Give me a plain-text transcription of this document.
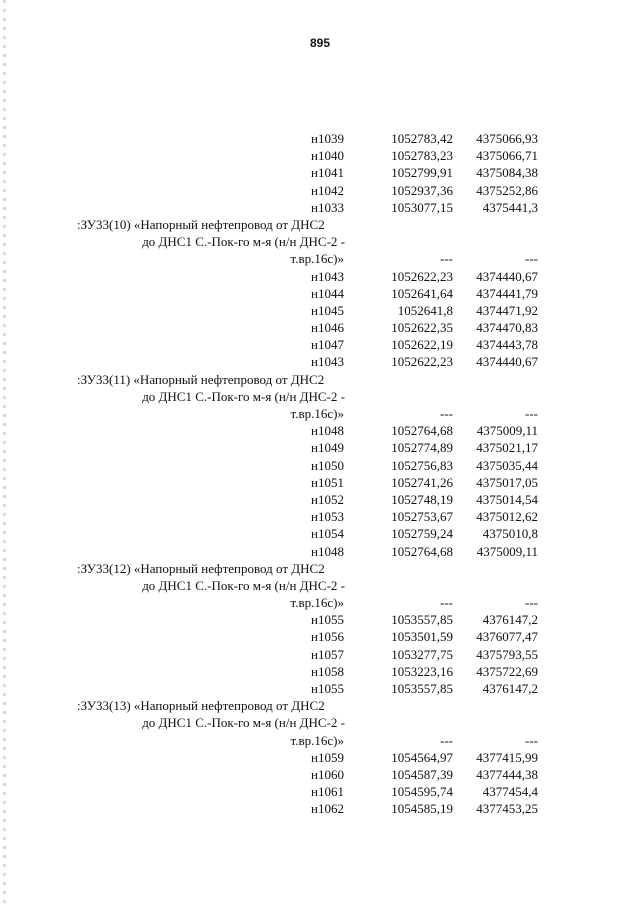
895
н1039	1052783,42 4375066,93
н1040	1052783,23 4375066,71
н1041	1052799,91 4375084,38
н1042	1052937,36 4375252,86
н1033	1053077,15 4375441,3
:ЗУ33(10) «Напорный нефтепровод от ДНС2
до ДНС1 С.-Пок-го м-я (н/н ДНС-2 -
т.вр.16с)»	---	---
н1043	1052622,23 4374440,67
н1044	1052641,64 4374441,79
н1045	1052641,8 4374471,92
н1046	1052622,35 4374470,83
н1047	1052622,19 4374443,78
н1043	1052622,23 4374440,67
:ЗУ33(11) «Напорный нефтепровод от ДНС2
до ДНС1 С.-Пок-го м-я (н/н ДНС-2 -
т.вр.16с)»	---	---
н1048	1052764,68 4375009,11
н1049	1052774,89 4375021,17
н1050	1052756,83 4375035,44
н1051	1052741,26 4375017,05
н1052	1052748,19 4375014,54
н1053	1052753,67 4375012,62
н1054	1052759,24 4375010,8
н1048	1052764,68 4375009,11
:ЗУ33(12) «Напорный нефтепровод от ДНС2
до ДНС1 С.-Пок-го м-я (н/н ДНС-2 -
т.вр.16с)»	---	---
н1055	1053557,85 4376147,2
н1056	1053501,59 4376077,47
н1057	1053277,75 4375793,55
н1058	1053223,16 4375722,69
н1055	1053557,85 4376147,2
:ЗУ33(13) «Напорный нефтепровод от ДНС2
до ДНС1 С.-Пок-го м-я (н/н ДНС-2 -
т.вр.16с)»	---	---
н1059	1054564,97 4377415,99
н1060	1054587,39 4377444,38
н1061	1054595,74 4377454,4
н1062	1054585,19 4377453,25
